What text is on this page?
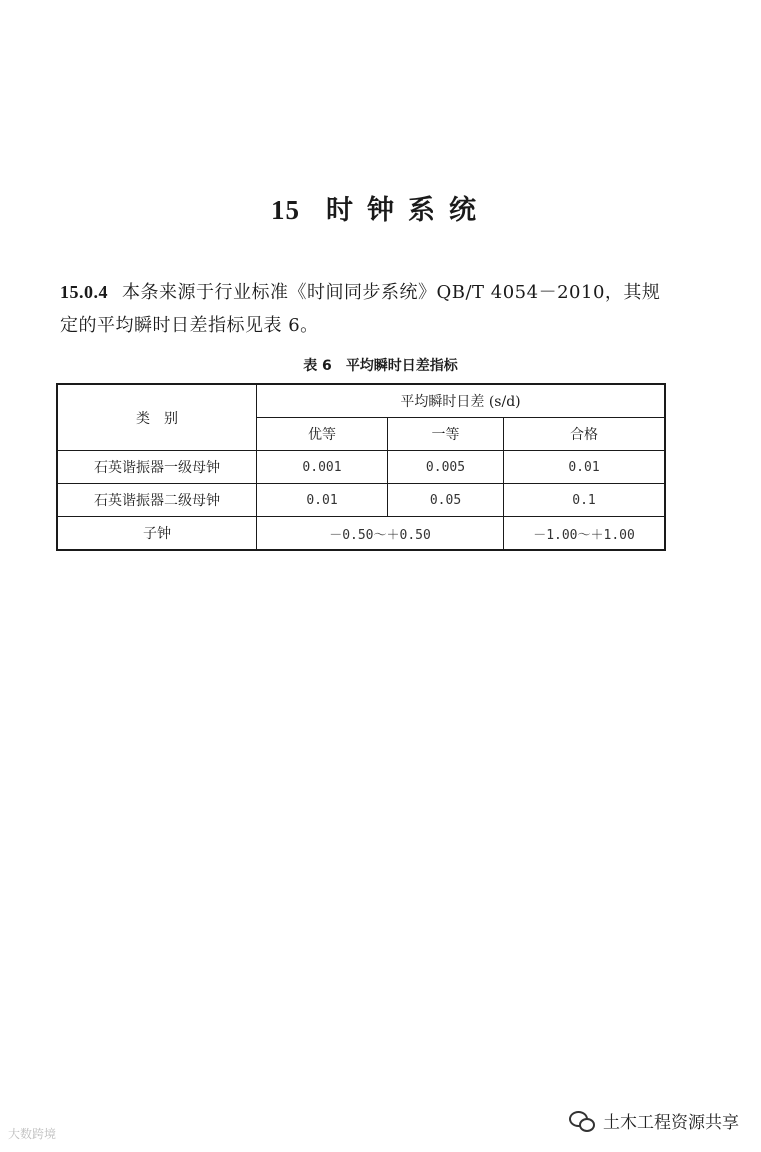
15 时钟系统
15.0.4 本条来源于行业标准《时间同步系统》QB/T 4054－2010，其规定的平均瞬时日差指标见表 6。
表 6 平均瞬时日差指标
类　别	平均瞬时日差 (s/d)		
	优等	一等	合格
石英谐振器一级母钟	0.001	0.005	0.01
石英谐振器二级母钟	0.01	0.05	0.1
子钟	－0.50～＋0.50		－1.00～＋1.00
大数跨境
土木工程资源共享
